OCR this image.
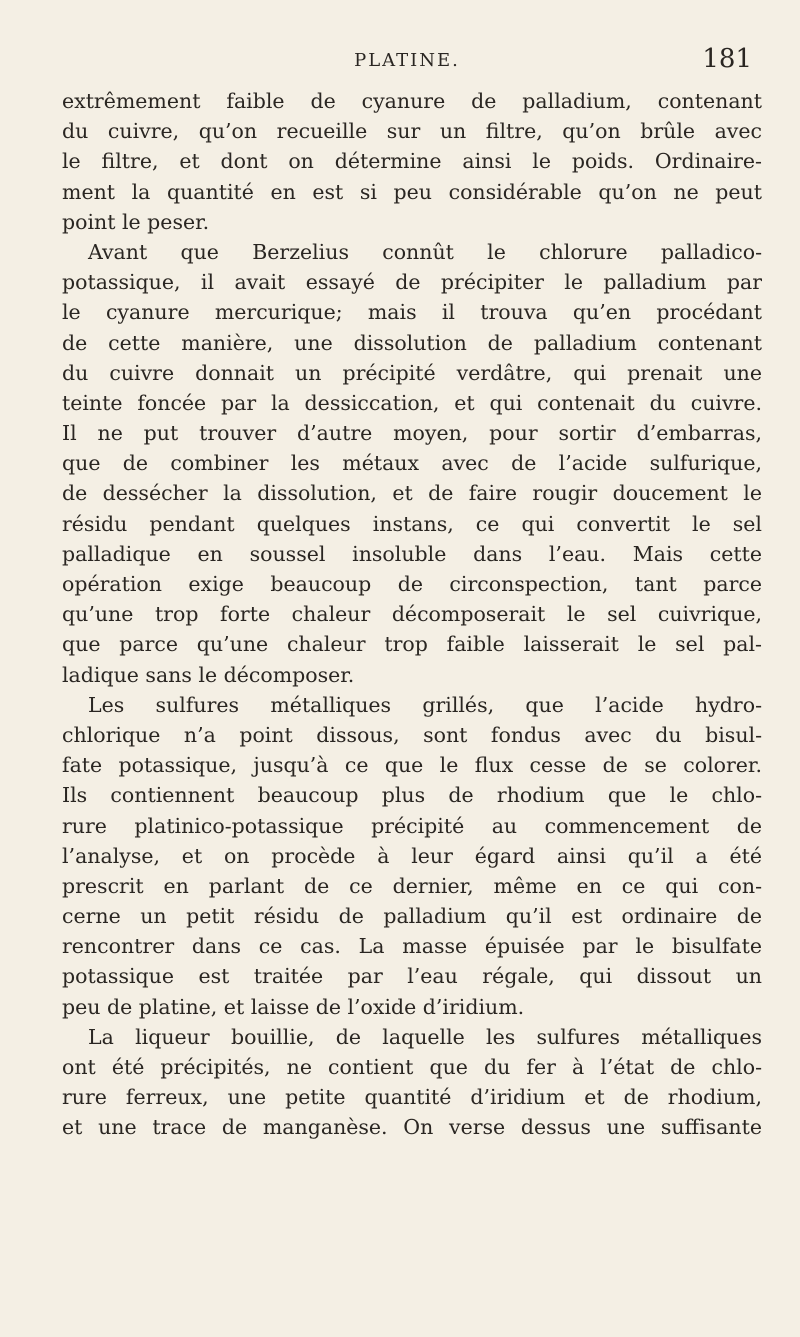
PLATINE.	181
extrêmement faible de cyanure de palladium, contenant
du cuivre, qu’on recueille sur un filtre, qu’on brûle avec
le filtre, et dont on détermine ainsi le poids. Ordinaire-
ment la quantité en est si peu considérable qu’on ne peut
point le peser.
Avant que Berzelius connût le chlorure palladico-
potassique, il avait essayé de précipiter le palladium par
le cyanure mercurique; mais il trouva qu’en procédant
de cette manière, une dissolution de palladium contenant
du cuivre donnait un précipité verdâtre, qui prenait une
teinte foncée par la dessiccation, et qui contenait du cuivre.
Il ne put trouver d’autre moyen, pour sortir d’embarras,
que de combiner les métaux avec de l’acide sulfurique,
de dessécher la dissolution, et de faire rougir doucement le
résidu pendant quelques instans, ce qui convertit le sel
palladique en soussel insoluble dans l’eau. Mais cette
opération exige beaucoup de circonspection, tant parce
qu’une trop forte chaleur décomposerait le sel cuivrique,
que parce qu’une chaleur trop faible laisserait le sel pal-
ladique sans le décomposer.
Les sulfures métalliques grillés, que l’acide hydro-
chlorique n’a point dissous, sont fondus avec du bisul-
fate potassique, jusqu’à ce que le flux cesse de se colorer.
Ils contiennent beaucoup plus de rhodium que le chlo-
rure platinico-potassique précipité au commencement de
l’analyse, et on procède à leur égard ainsi qu’il a été
prescrit en parlant de ce dernier, même en ce qui con-
cerne un petit résidu de palladium qu’il est ordinaire de
rencontrer dans ce cas. La masse épuisée par le bisulfate
potassique est traitée par l’eau régale, qui dissout un
peu de platine, et laisse de l’oxide d’iridium.
La liqueur bouillie, de laquelle les sulfures métalliques
ont été précipités, ne contient que du fer à l’état de chlo-
rure ferreux, une petite quantité d’iridium et de rhodium,
et une trace de manganèse. On verse dessus une suffisante
